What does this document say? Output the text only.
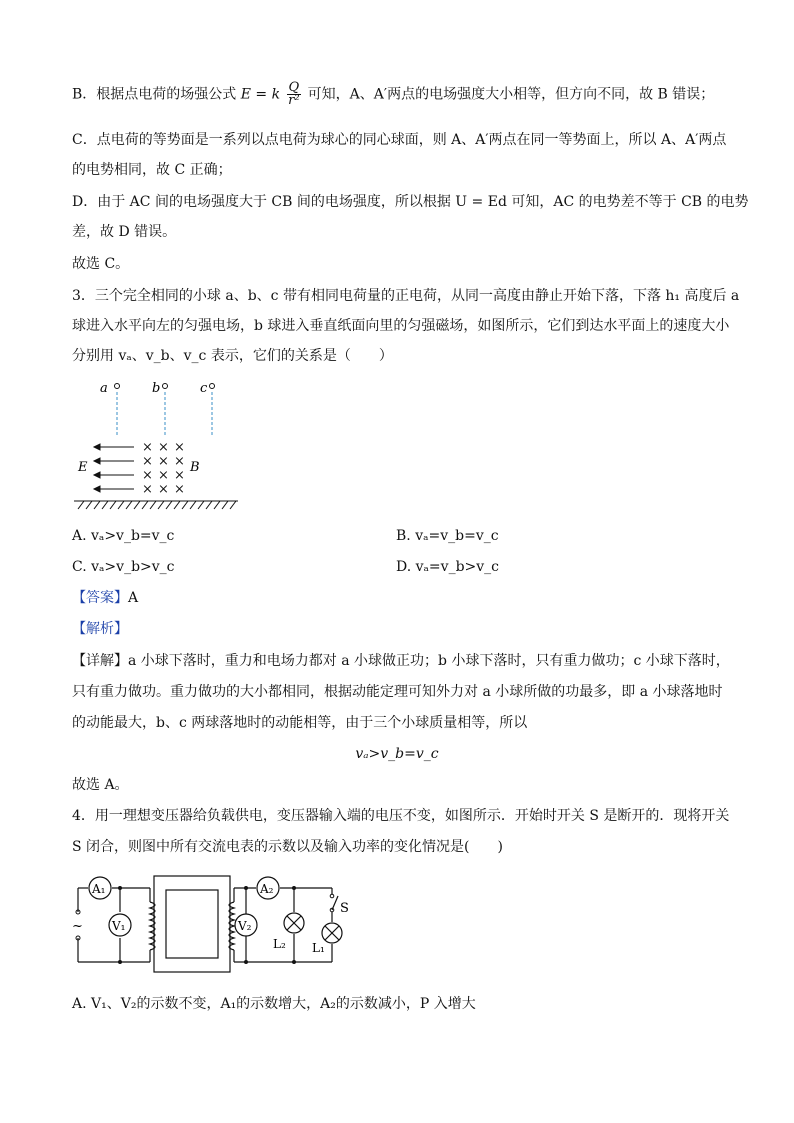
B．根据点电荷的场强公式 E = k $\frac{Q}{\text{r²}}$ 可知，A、A′两点的电场强度大小相等，但方向不同，故 B 错误；
C．点电荷的等势面是一系列以点电荷为球心的同心球面，则 A、A′两点在同一等势面上，所以 A、A′两点
的电势相同，故 C 正确；
D．由于 AC 间的电场强度大于 CB 间的电场强度，所以根据 U = Ed 可知，AC 的电势差不等于 CB 的电势
差，故 D 错误。
故选 C。
3．三个完全相同的小球 a、b、c 带有相同电荷量的正电荷，从同一高度由静止开始下落，下落 h₁ 高度后 a
球进入水平向左的匀强电场，b 球进入垂直纸面向里的匀强磁场，如图所示，它们到达水平面上的速度大小
分别用 vₐ、v_b、v_c 表示，它们的关系是（　　）
a	b	c
E
× × ×
× × ×
× × ×
× × ×
B
A. vₐ>v_b=v_c	B. vₐ=v_b=v_c
C. vₐ>v_b>v_c	D. vₐ=v_b>v_c
【答案】A
【解析】
【详解】a 小球下落时，重力和电场力都对 a 小球做正功；b 小球下落时，只有重力做功；c 小球下落时，
只有重力做功。重力做功的大小都相同，根据动能定理可知外力对 a 小球所做的功最多，即 a 小球落地时
的动能最大，b、c 两球落地时的动能相等，由于三个小球质量相等，所以
vₐ>v_b=v_c
故选 A。
4．用一理想变压器给负载供电，变压器输入端的电压不变，如图所示．开始时开关 S 是断开的．现将开关
S 闭合，则图中所有交流电表的示数以及输入功率的变化情况是(　　)
~
A₁
V₁
A₂
V₂
L₂
S
L₁
A. V₁、V₂的示数不变，A₁的示数增大，A₂的示数减小，P 入增大
